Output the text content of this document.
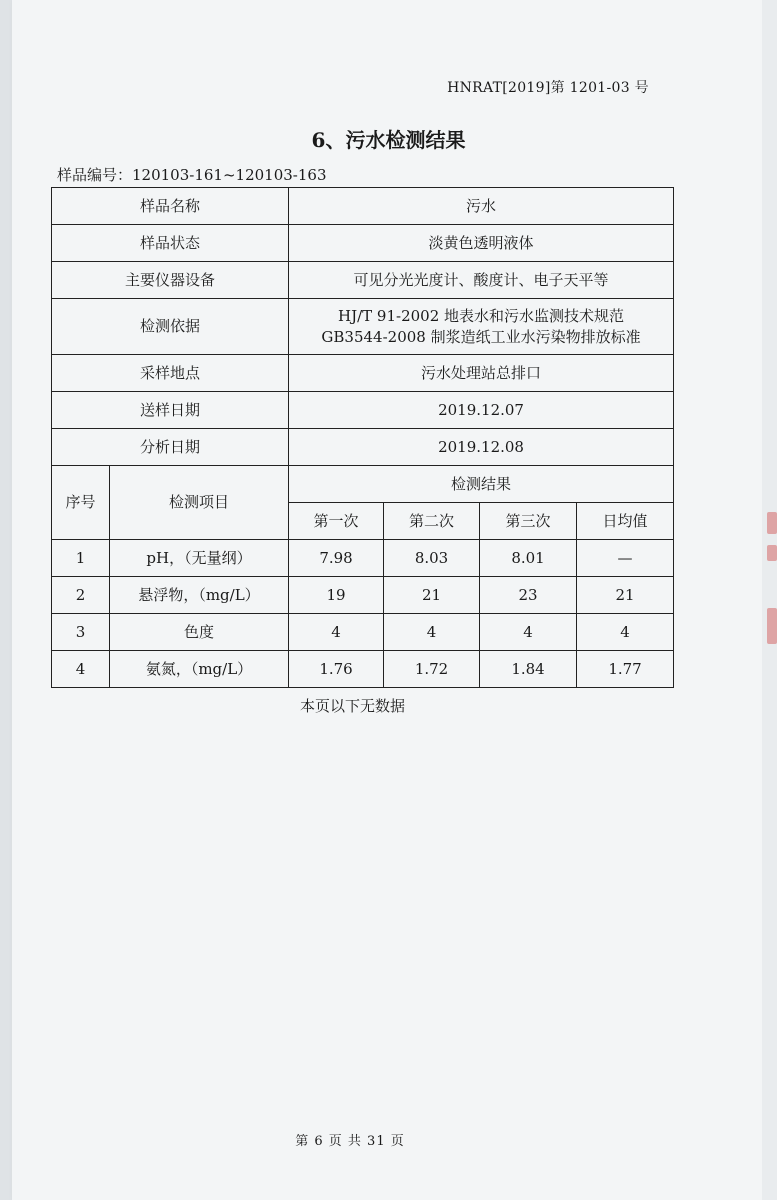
HNRAT[2019]第 1201-03 号
6、污水检测结果
样品编号：120103-161~120103-163
样品名称		污水			
样品状态		淡黄色透明液体			
主要仪器设备		可见分光光度计、酸度计、电子天平等			
检测依据		HJ/T 91-2002 地表水和污水监测技术规范
GB3544-2008 制浆造纸工业水污染物排放标准			

采样地点		污水处理站总排口			
送样日期		2019.12.07			
分析日期		2019.12.08			
序号	检测项目	检测结果			
		第一次	第二次	第三次	日均值
1	pH，（无量纲）	7.98	8.03	8.01	—
2	悬浮物，（mg/L）	19	21	23	21
3	色度	4	4	4	4
4	氨氮，（mg/L）	1.76	1.72	1.84	1.77
本页以下无数据
第 6 页 共 31 页
